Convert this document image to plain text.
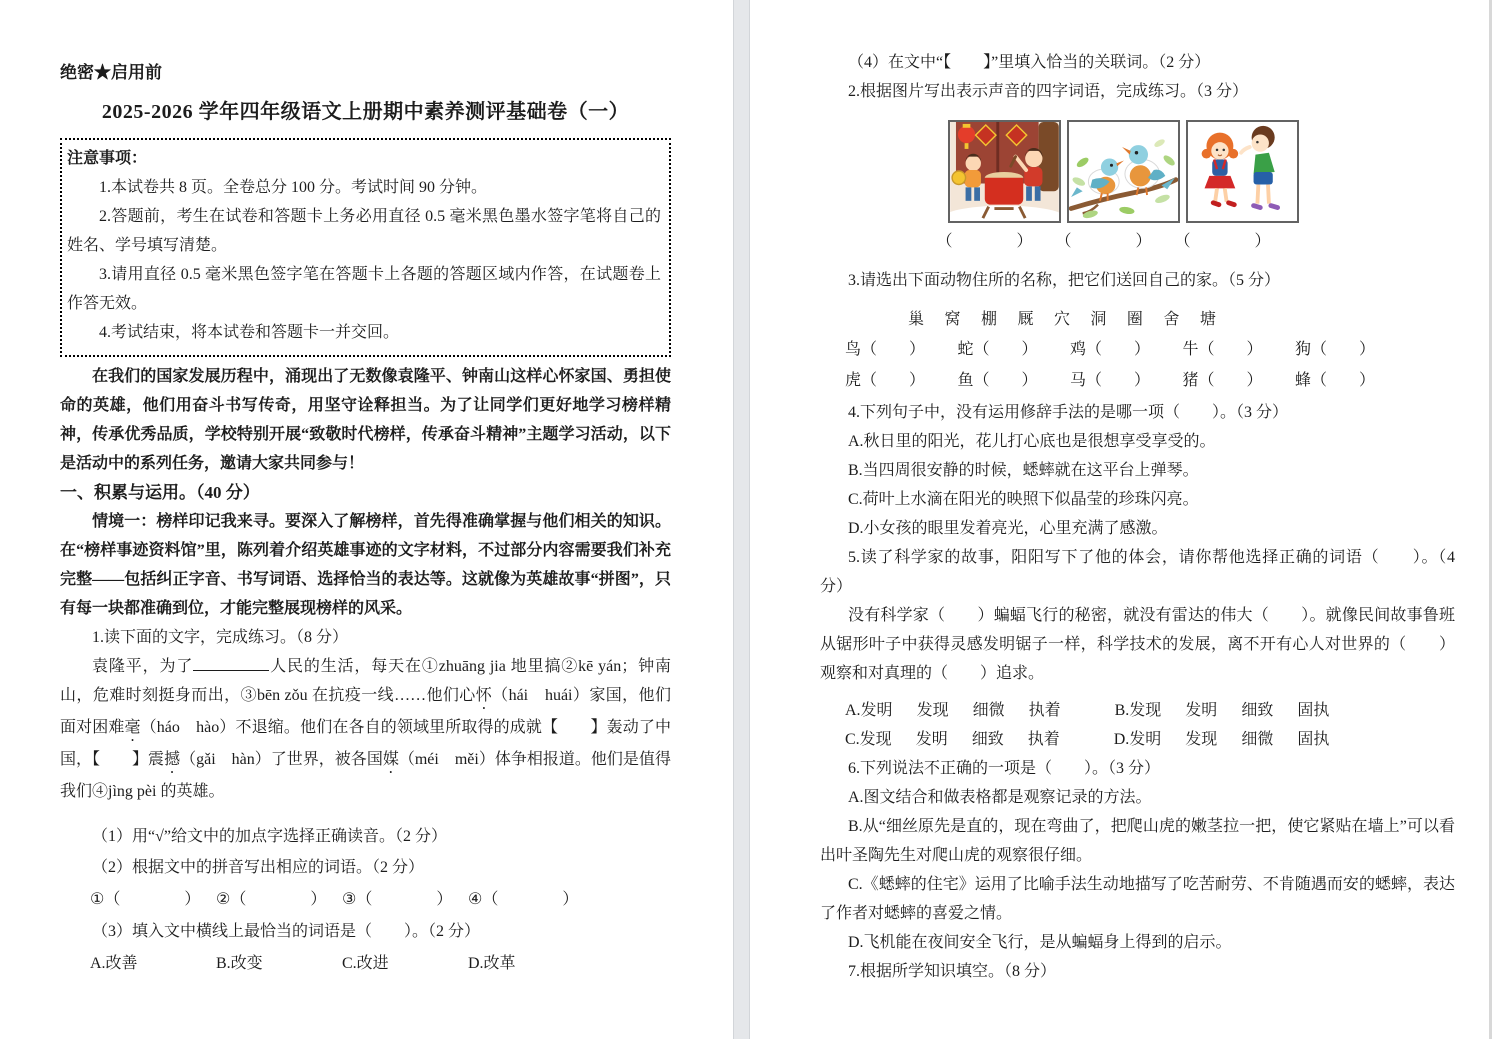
绝密★启用前

2025-2026 学年四年级语文上册期中素养测评基础卷（一）

注意事项：

1.本试卷共 8 页。全卷总分 100 分。考试时间 90 分钟。

2.答题前，考生在试卷和答题卡上务必用直径 0.5 毫米黑色墨水签字笔将自己的姓名、学号填写清楚。

3.请用直径 0.5 毫米黑色签字笔在答题卡上各题的答题区域内作答，在试题卷上作答无效。

4.考试结束，将本试卷和答题卡一并交回。

在我们的国家发展历程中，涌现出了无数像袁隆平、钟南山这样心怀家国、勇担使命的英雄，他们用奋斗书写传奇，用坚守诠释担当。为了让同学们更好地学习榜样精神，传承优秀品质，学校特别开展“致敬时代榜样，传承奋斗精神”主题学习活动，以下是活动中的系列任务，邀请大家共同参与！

一、积累与运用。（40 分）

情境一：榜样印记我来寻。要深入了解榜样，首先得准确掌握与他们相关的知识。在“榜样事迹资料馆”里，陈列着介绍英雄事迹的文字材料，不过部分内容需要我们补充完整——包括纠正字音、书写词语、选择恰当的表达等。这就像为英雄故事“拼图”，只有每一块都准确到位，才能完整展现榜样的风采。

1.读下面的文字，完成练习。（8 分）

袁隆平，为了	人民的生活，每天在①zhuāng jia 地里搞②kē yán；钟南山，危难时刻挺身而出，③bēn zǒu 在抗疫一线……他们心怀（hái　huái）家国，他们面对困难毫（háo　hào）不退缩。他们在各自的领域里所取得的成就【　　】轰动了中国，【　　】震撼（gǎi　hàn）了世界，被各国媒（méi　měi）体争相报道。他们是值得我们④jìng pèi 的英雄。

（1）用“√”给文中的加点字选择正确读音。（2 分）

（2）根据文中的拼音写出相应的词语。（2 分）

①（　　　　） ②（　　　　） ③（　　　　） ④（　　　　）

（3）填入文中横线上最恰当的词语是（　　）。（2 分）

A.改善	B.改变	C.改进	D.改革

（4）在文中“【　　】”里填入恰当的关联词。（2 分）

2.根据图片写出表示声音的四字词语，完成练习。（3 分）

（　　　　）	（　　　　）	（　　　　）

3.请选出下面动物住所的名称，把它们送回自己的家。（5 分）

巢 窝 棚 厩 穴 洞 圈 舍 塘
鸟（　　） 蛇（　　） 鸡（　　） 牛（　　） 狗（　　）
虎（　　） 鱼（　　） 马（　　） 猪（　　） 蜂（　　）

4.下列句子中，没有运用修辞手法的是哪一项（　　）。（3 分）

A.秋日里的阳光，花儿打心底也是很想享受享受的。

B.当四周很安静的时候，蟋蟀就在这平台上弹琴。

C.荷叶上水滴在阳光的映照下似晶莹的珍珠闪亮。

D.小女孩的眼里发着亮光，心里充满了感激。

5.读了科学家的故事，阳阳写下了他的体会，请你帮他选择正确的词语（　　）。（4 分）

没有科学家（　　）蝙蝠飞行的秘密，就没有雷达的伟大（　　）。就像民间故事鲁班从锯形叶子中获得灵感发明锯子一样，科学技术的发展，离不开有心人对世界的（　　）观察和对真理的（　　）追求。

A.发明 发现 细微 执着	B.发现 发明 细致 固执
C.发现 发明 细致 执着	D.发明 发现 细微 固执

6.下列说法不正确的一项是（　　）。（3 分）

A.图文结合和做表格都是观察记录的方法。

B.从“细丝原先是直的，现在弯曲了，把爬山虎的嫩茎拉一把，使它紧贴在墙上”可以看出叶圣陶先生对爬山虎的观察很仔细。

C.《蟋蟀的住宅》运用了比喻手法生动地描写了吃苦耐劳、不肯随遇而安的蟋蟀，表达了作者对蟋蟀的喜爱之情。

D.飞机能在夜间安全飞行，是从蝙蝠身上得到的启示。

7.根据所学知识填空。（8 分）
